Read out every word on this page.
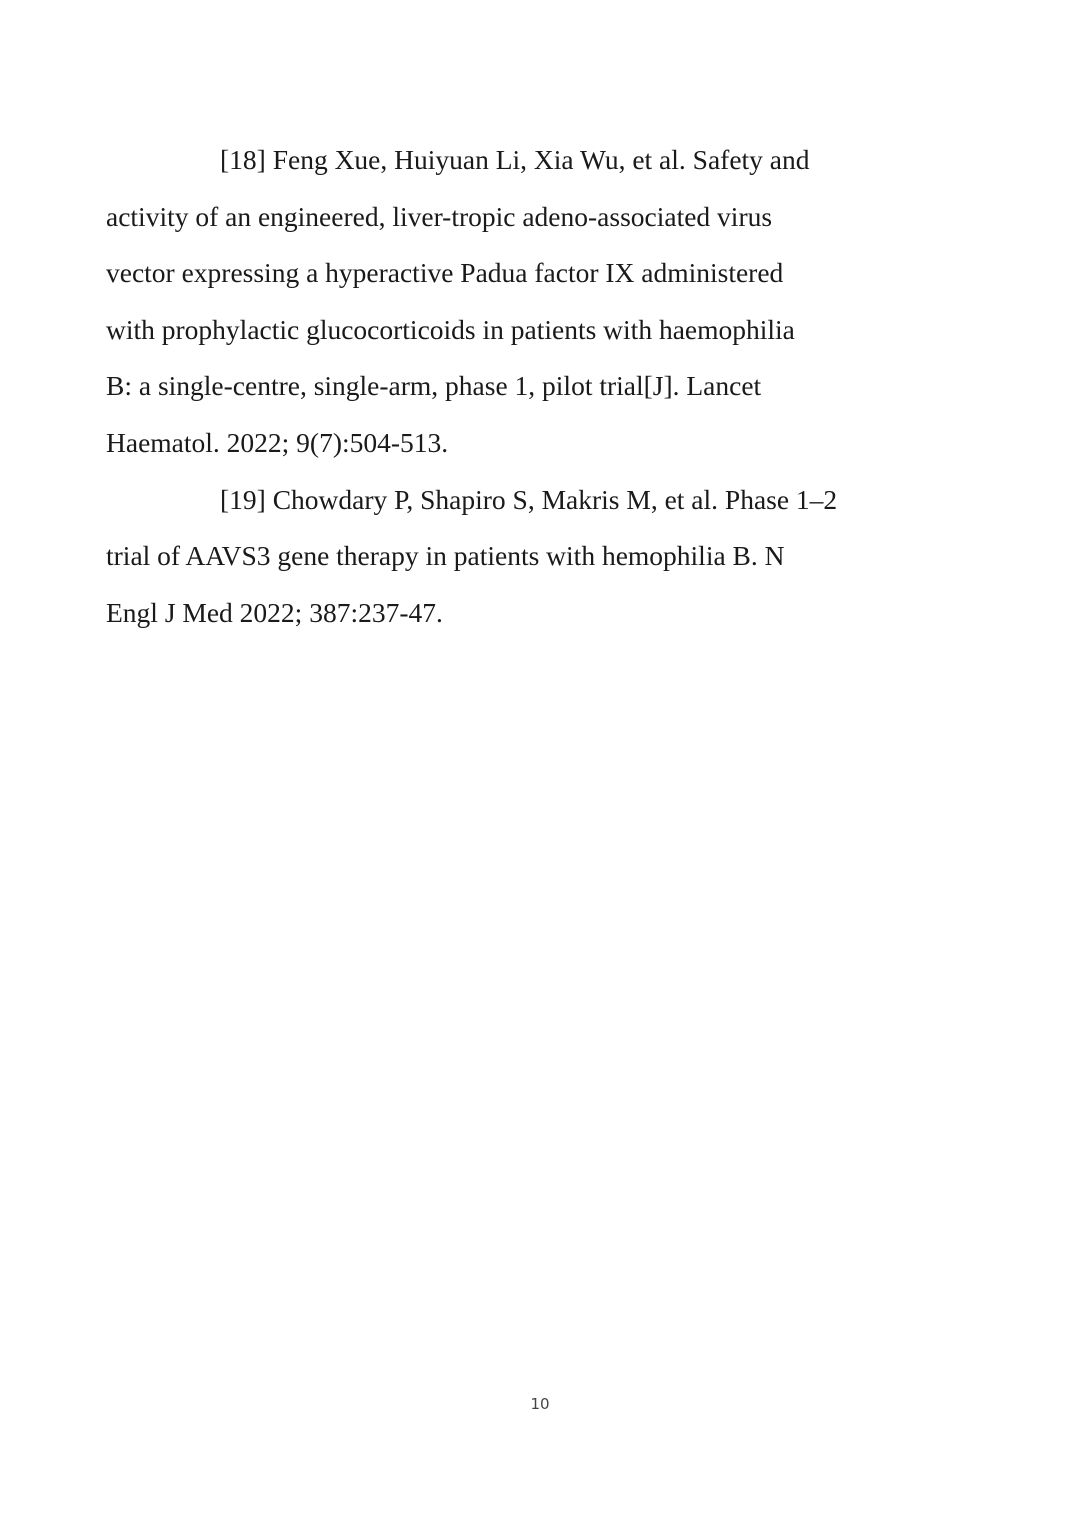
[18] Feng Xue, Huiyuan Li, Xia Wu, et al. Safety and
activity of an engineered, liver-tropic adeno-associated virus
vector expressing a hyperactive Padua factor IX administered
with prophylactic glucocorticoids in patients with haemophilia
B: a single-centre, single-arm, phase 1, pilot trial[J]. Lancet
Haematol. 2022; 9(7):504-513.

[19] Chowdary P, Shapiro S, Makris M, et al. Phase 1–2
trial of AAVS3 gene therapy in patients with hemophilia B. N
Engl J Med 2022; 387:237-47.

10
